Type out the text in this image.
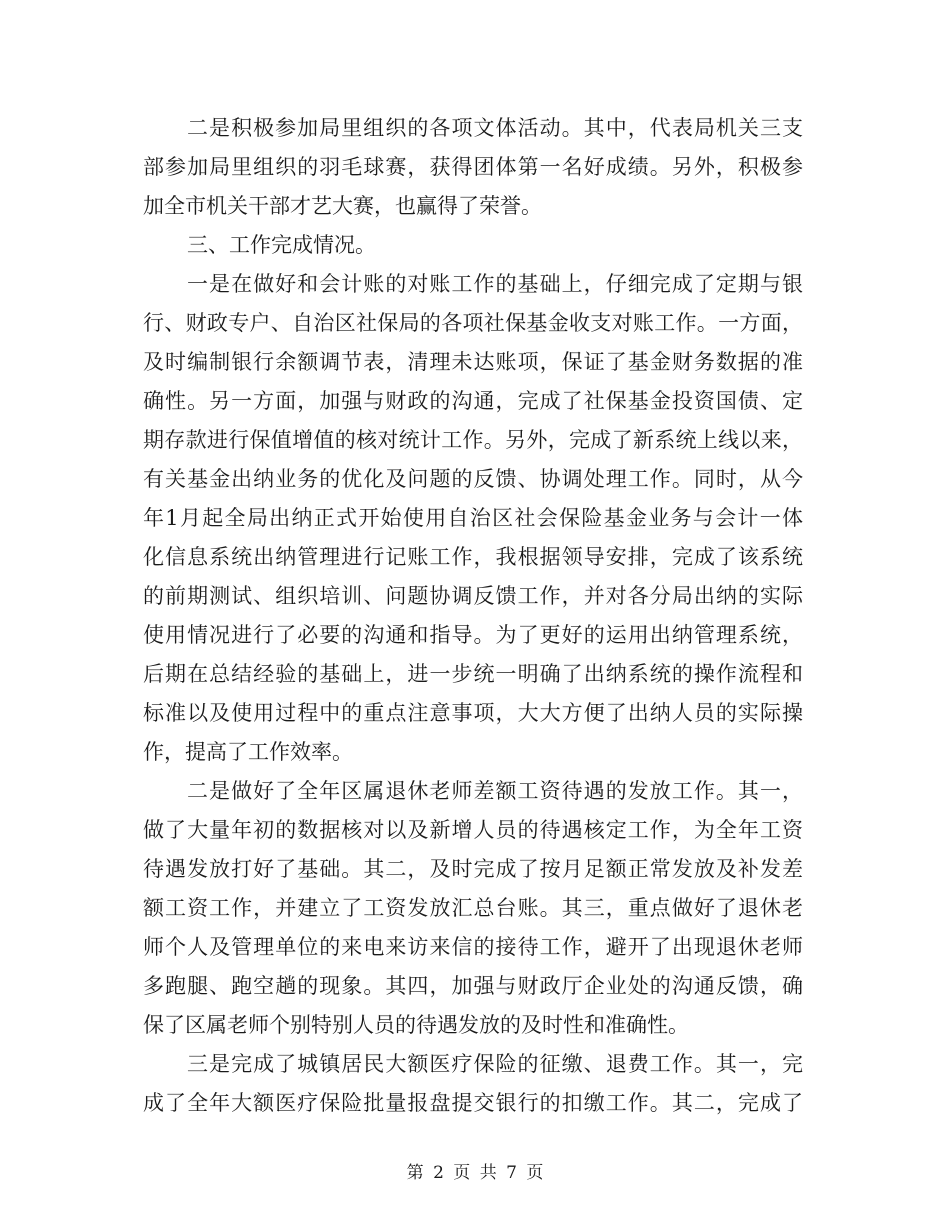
二是积极参加局里组织的各项文体活动。其中，代表局机关三支
部参加局里组织的羽毛球赛，获得团体第一名好成绩。另外，积极参
加全市机关干部才艺大赛，也赢得了荣誉。
三、工作完成情况。
一是在做好和会计账的对账工作的基础上，仔细完成了定期与银
行、财政专户、自治区社保局的各项社保基金收支对账工作。一方面，
及时编制银行余额调节表，清理未达账项，保证了基金财务数据的准
确性。另一方面，加强与财政的沟通，完成了社保基金投资国债、定
期存款进行保值增值的核对统计工作。另外，完成了新系统上线以来，
有关基金出纳业务的优化及问题的反馈、协调处理工作。同时，从今
年1月起全局出纳正式开始使用自治区社会保险基金业务与会计一体
化信息系统出纳管理进行记账工作，我根据领导安排，完成了该系统
的前期测试、组织培训、问题协调反馈工作，并对各分局出纳的实际
使用情况进行了必要的沟通和指导。为了更好的运用出纳管理系统，
后期在总结经验的基础上，进一步统一明确了出纳系统的操作流程和
标准以及使用过程中的重点注意事项，大大方便了出纳人员的实际操
作，提高了工作效率。
二是做好了全年区属退休老师差额工资待遇的发放工作。其一，
做了大量年初的数据核对以及新增人员的待遇核定工作，为全年工资
待遇发放打好了基础。其二，及时完成了按月足额正常发放及补发差
额工资工作，并建立了工资发放汇总台账。其三，重点做好了退休老
师个人及管理单位的来电来访来信的接待工作，避开了出现退休老师
多跑腿、跑空趟的现象。其四，加强与财政厅企业处的沟通反馈，确
保了区属老师个别特别人员的待遇发放的及时性和准确性。
三是完成了城镇居民大额医疗保险的征缴、退费工作。其一，完
成了全年大额医疗保险批量报盘提交银行的扣缴工作。其二，完成了
第 2 页 共 7 页
